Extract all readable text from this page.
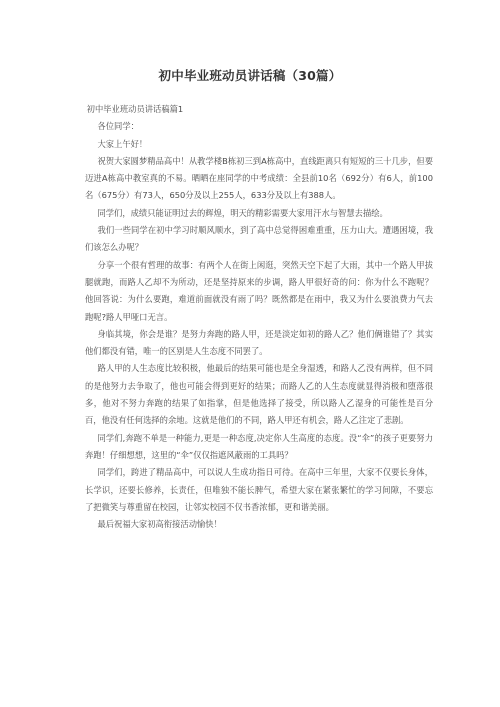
初中毕业班动员讲话稿（30篇）

初中毕业班动员讲话稿篇1

各位同学：

大家上午好！

祝贺大家圆梦精品高中！从教学楼B栋初三到A栋高中，直线距离只有短短的三十几步，但要迈进A栋高中教室真的不易。晒晒在座同学的中考成绩：全县前10名（692分）有6人，前100名（675分）有73人，650分及以上255人，633分及以上有388人。

同学们，成绩只能证明过去的辉煌，明天的精彩需要大家用汗水与智慧去描绘。

我们一些同学在初中学习时顺风顺水，到了高中总觉得困难重重，压力山大。遭遇困境，我们该怎么办呢？

分享一个很有哲理的故事：有两个人在街上闲逛，突然天空下起了大雨，其中一个路人甲拔腿就跑，而路人乙却不为所动，还是坚持原来的步调，路人甲很好奇的问：你为什么不跑呢？他回答说：为什么要跑，难道前面就没有雨了吗？既然都是在雨中，我又为什么要浪费力气去跑呢?路人甲哑口无言。

身临其境，你会是谁？是努力奔跑的路人甲，还是淡定如初的路人乙？他们俩谁错了？其实他们都没有错，唯一的区别是人生态度不同罢了。

路人甲的人生态度比较积极，他最后的结果可能也是全身湿透，和路人乙没有两样，但不同的是他努力去争取了，他也可能会得到更好的结果；而路人乙的人生态度就显得消极和堕落很多，他对不努力奔跑的结果了如指掌，但是他选择了接受，所以路人乙湿身的可能性是百分百，他没有任何选择的余地。这就是他们的不同，路人甲还有机会，路人乙注定了悲剧。

同学们,奔跑不单是一种能力,更是一种态度,决定你人生高度的态度。没“伞”的孩子更要努力奔跑！仔细想想，这里的“伞”仅仅指遮风蔽雨的工具吗？

同学们，跨进了精品高中，可以说人生成功指日可待。在高中三年里，大家不仅要长身体，长学识，还要长修养，长责任，但唯独不能长脾气，希望大家在紧张繁忙的学习间隙，不要忘了把微笑与尊重留在校园，让邻实校园不仅书香浓郁，更和谐美丽。

最后祝福大家初高衔接活动愉快！
